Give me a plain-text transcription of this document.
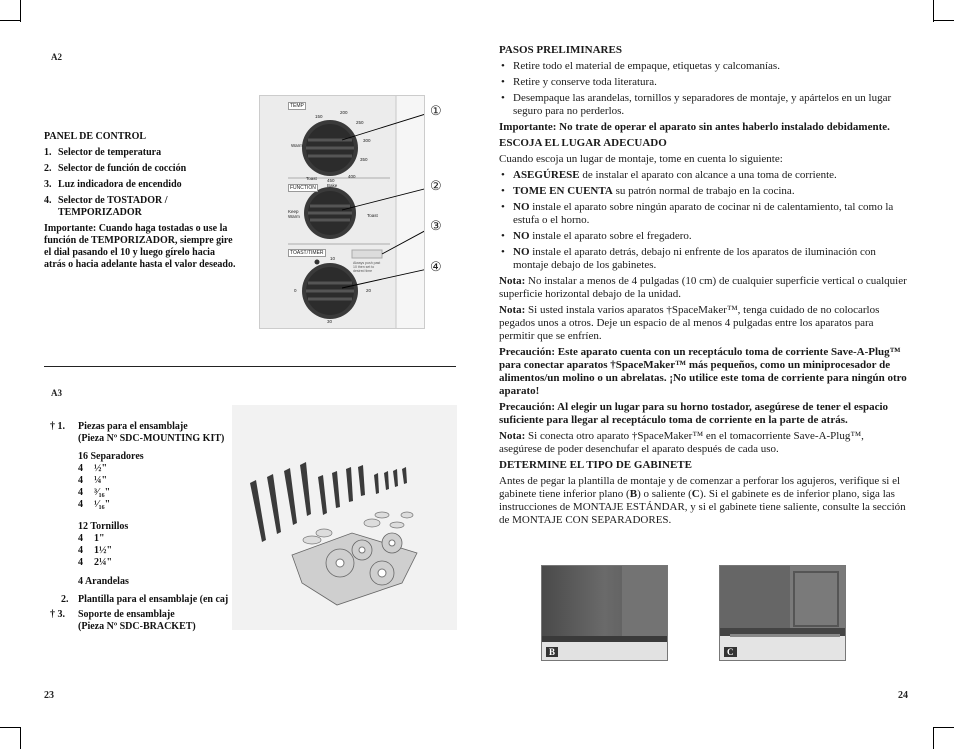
A2
PANEL DE CONTROL
1. Selector de temperatura
2. Selector de función de cocción
3. Luz indicadora de encendido
4. Selector de TOSTADOR / TEMPORIZADOR
Importante: Cuando haga tostadas o use la función de TEMPORIZADOR, siempre gire el dial pasando el 10 y luego gírelo hacia atrás o hacia adelante hasta el valor deseado.
TEMP
FUNCTION
TOAST/TIMER
Warm
Toast
Bake
Keep Warm	Toast
150
200
250
300
350
400
450
10
20
30
0
Always push past 10 then set to desired time
①
②
③
④
A3
† 1. Piezas para el ensamblaje
(Pieza Nº SDC-MOUNTING KIT)
16 Separadores
4 ½"
4 ¼"
4 ³⁄₁₆"
4 ¹⁄₁₆"
12 Tornillos
4 1"
4 1½"
4 2¼"
4 Arandelas
2. Plantilla para el ensamblaje (en caj
† 3. Soporte de ensamblaje
(Pieza Nº SDC-BRACKET)
23

PASOS PRELIMINARES

• Retire todo el material de empaque, etiquetas y calcomanías.
• Retire y conserve toda literatura.
• Desempaque las arandelas, tornillos y separadores de montaje, y apártelos en un lugar seguro para no perderlos.

Importante: No trate de operar el aparato sin antes haberlo instalado debidamente.

ESCOJA EL LUGAR ADECUADO

Cuando escoja un lugar de montaje, tome en cuenta lo siguiente:

• ASEGÚRESE de instalar el aparato con alcance a una toma de corriente.
• TOME EN CUENTA su patrón normal de trabajo en la cocina.
• NO instale el aparato sobre ningún aparato de cocinar ni de calentamiento, tal como la estufa o el horno.
• NO instale el aparato sobre el fregadero.
• NO instale el aparato detrás, debajo ni enfrente de los aparatos de iluminación con montaje debajo de los gabinetes.

Nota: No instalar a menos de 4 pulgadas (10 cm) de cualquier superficie vertical o cualquier superficie horizontal debajo de la unidad.

Nota: Si usted instala varios aparatos †SpaceMaker™, tenga cuidado de no colocarlos pegados unos a otros. Deje un espacio de al menos 4 pulgadas entre los aparatos para permitir que se enfríen.

Precaución: Este aparato cuenta con un receptáculo toma de corriente Save-A-Plug™ para conectar aparatos †SpaceMaker™ más pequeños, como un miniprocesador de alimentos/un molino o un abrelatas. ¡No utilice este toma de corriente para ningún otro aparato!

Precaución: Al elegir un lugar para su horno tostador, asegúrese de tener el espacio suficiente para llegar al receptáculo toma de corriente en la parte de atrás.

Nota: Si conecta otro aparato †SpaceMaker™ en el tomacorriente Save-A-Plug™, asegúrese de poder desenchufar el aparato después de cada uso.

DETERMINE EL TIPO DE GABINETE

Antes de pegar la plantilla de montaje y de comenzar a perforar los agujeros, verifique si el gabinete tiene inferior plano (B) o saliente (C). Si el gabinete es de inferior plano, siga las instrucciones de MONTAJE ESTÁNDAR, y si el gabinete tiene saliente, consulte la sección de MONTAJE CON SEPARADORES.

B	C
24
